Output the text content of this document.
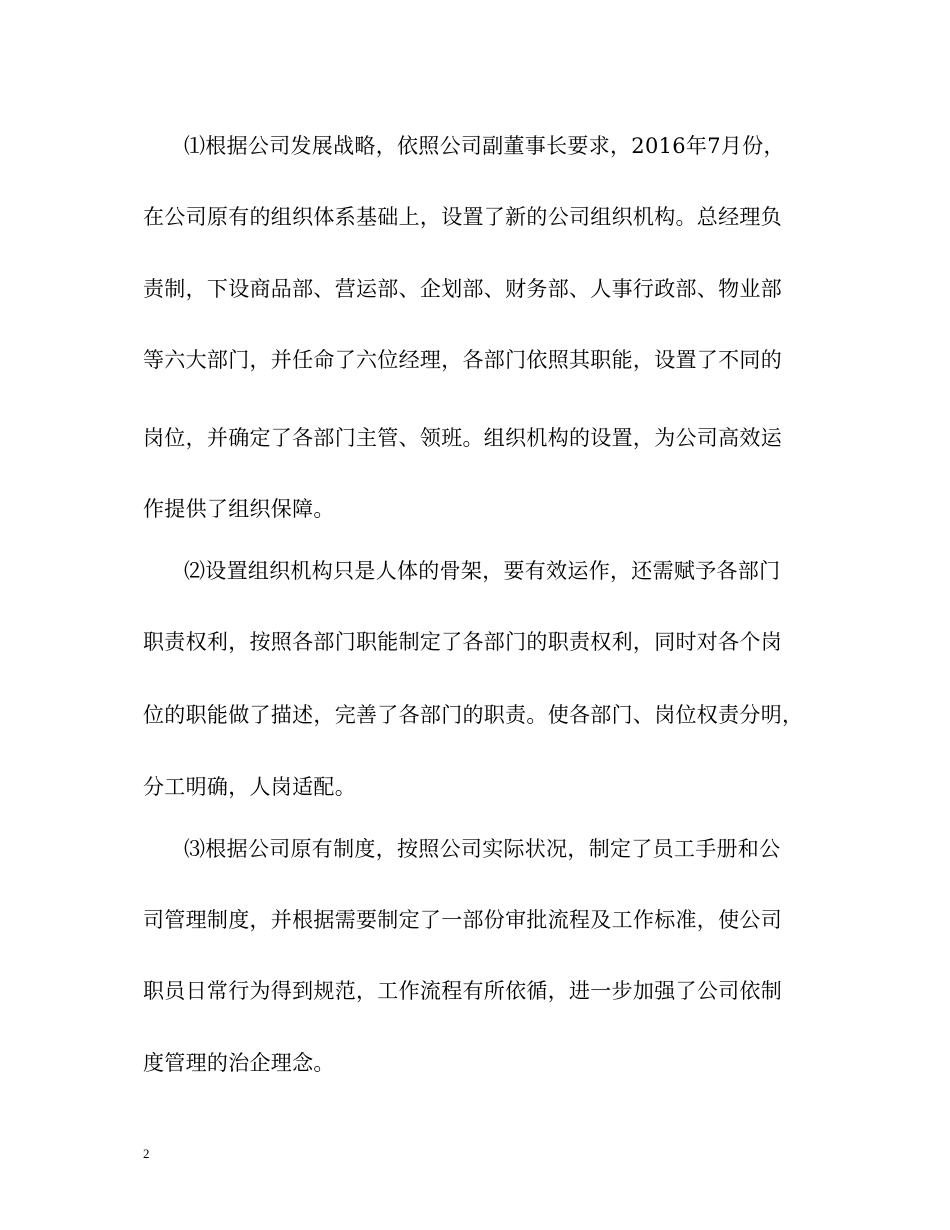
⑴根据公司发展战略，依照公司副董事长要求，2016年7月份，
在公司原有的组织体系基础上，设置了新的公司组织机构。总经理负
责制，下设商品部、营运部、企划部、财务部、人事行政部、物业部
等六大部门，并任命了六位经理，各部门依照其职能，设置了不同的
岗位，并确定了各部门主管、领班。组织机构的设置，为公司高效运
作提供了组织保障。
⑵设置组织机构只是人体的骨架，要有效运作，还需赋予各部门
职责权利，按照各部门职能制定了各部门的职责权利，同时对各个岗
位的职能做了描述，完善了各部门的职责。使各部门、岗位权责分明，
分工明确，人岗适配。
⑶根据公司原有制度，按照公司实际状况，制定了员工手册和公
司管理制度，并根据需要制定了一部份审批流程及工作标准，使公司
职员日常行为得到规范，工作流程有所依循，进一步加强了公司依制
度管理的治企理念。
2
